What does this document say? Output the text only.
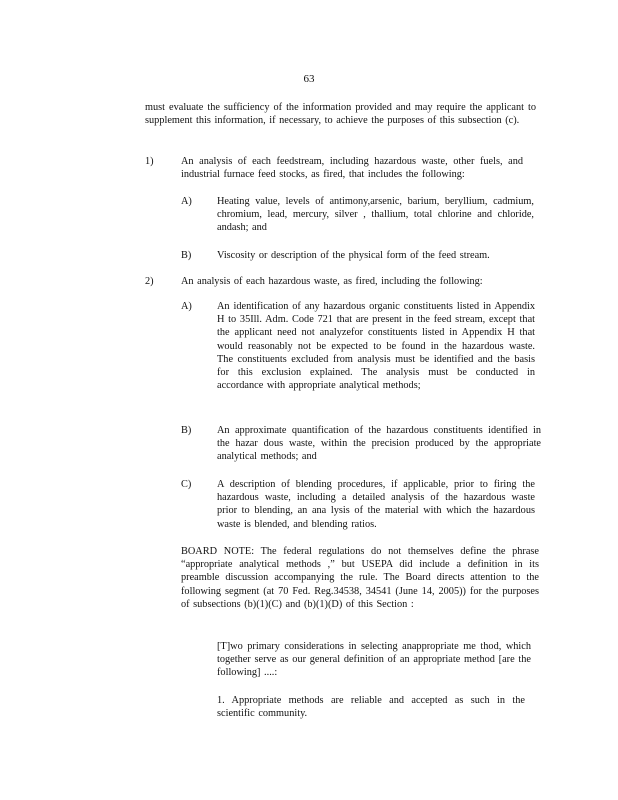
63
must evaluate the sufficiency of the information provided and may require the applicant to supplement this information, if necessary, to achieve the purposes of this subsection (c).
1)	An analysis of each feedstream, including hazardous waste, other fuels, and industrial furnace feed stocks, as fired, that includes the following:
A) Heating value, levels of antimony,arsenic, barium, beryllium, cadmium, chromium, lead, mercury, silver , thallium, total chlorine and chloride, andash; and
B) Viscosity or description of the physical form of the feed stream.
2)	An analysis of each hazardous waste, as fired, including the following:
A) An identification of any hazardous organic constituents listed in Appendix H to 35Ill. Adm. Code 721 that are present in the feed stream, except that the applicant need not analyzefor constituents listed in Appendix H that would reasonably not be expected to be found in the hazardous waste. The constituents excluded from analysis must be identified and the basis for this exclusion explained. The analysis must be conducted in accordance with appropriate analytical methods;
B) An approximate quantification of the hazardous constituents identified in the hazar dous waste, within the precision produced by the appropriate analytical methods; and
C) A description of blending procedures, if applicable, prior to firing the hazardous waste, including a detailed analysis of the hazardous waste prior to blending, an ana lysis of the material with which the hazardous waste is blended, and blending ratios.
BOARD NOTE: The federal regulations do not themselves define the phrase “appropriate analytical methods ,” but USEPA did include a definition in its preamble discussion accompanying the rule. The Board directs attention to the following segment (at 70 Fed. Reg.34538, 34541 (June 14, 2005)) for the purposes of subsections (b)(1)(C) and (b)(1)(D) of this Section :
[T]wo primary considerations in selecting anappropriate me thod, which together serve as our general definition of an appropriate method [are the following] ....:
1. Appropriate methods are reliable and accepted as such in the scientific community.
